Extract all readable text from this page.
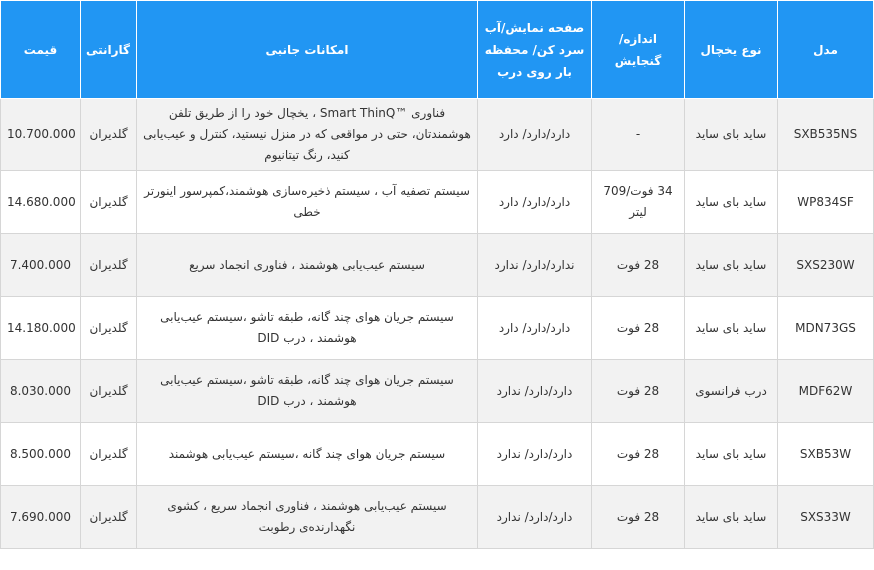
مدل	نوع یخچال	اندازه/گنجایش	صفحه نمایش/آب سرد کن/ محفظه بار روی درب	امکانات جانبی	گارانتی	قیمت
SXB535NS	ساید بای ساید	-	دارد/دارد/ دارد	فناوری ™Smart ThinQ ، یخچال خود را از طریق تلفن هوشمندتان، حتی در مواقعی که در منزل نیستید، کنترل و عیب‌یابی کنید، رنگ تیتانیوم	گلدیران	10.700.000
WP834SF	ساید بای ساید	34 فوت/709 لیتر	دارد/دارد/ دارد	سیستم تصفیه آب ، سیستم ذخیره‌سازی هوشمند،کمپرسور اینورتر خطی	گلدیران	14.680.000
SXS230W	ساید بای ساید	28 فوت	ندارد/دارد/ ندارد	سیستم عیب‌یابی هوشمند ، فناوری انجماد سریع	گلدیران	7.400.000
MDN73GS	ساید بای ساید	28 فوت	دارد/دارد/ دارد	سیستم جریان هوای چند گانه، طبقه تاشو ،سیستم عیب‌یابی هوشمند ، درب DID	گلدیران	14.180.000
MDF62W	درب فرانسوی	28 فوت	دارد/دارد/ ندارد	سیستم جریان هوای چند گانه، طبقه تاشو ،سیستم عیب‌یابی هوشمند ، درب DID	گلدیران	8.030.000
SXB53W	ساید بای ساید	28 فوت	دارد/دارد/ ندارد	سیستم جریان هوای چند گانه ،سیستم عیب‌یابی هوشمند	گلدیران	8.500.000
SXS33W	ساید بای ساید	28 فوت	دارد/دارد/ ندارد	سیستم عیب‌یابی هوشمند ، فناوری انجماد سریع ، کشوی نگهدارنده‌ی رطوبت	گلدیران	7.690.000
